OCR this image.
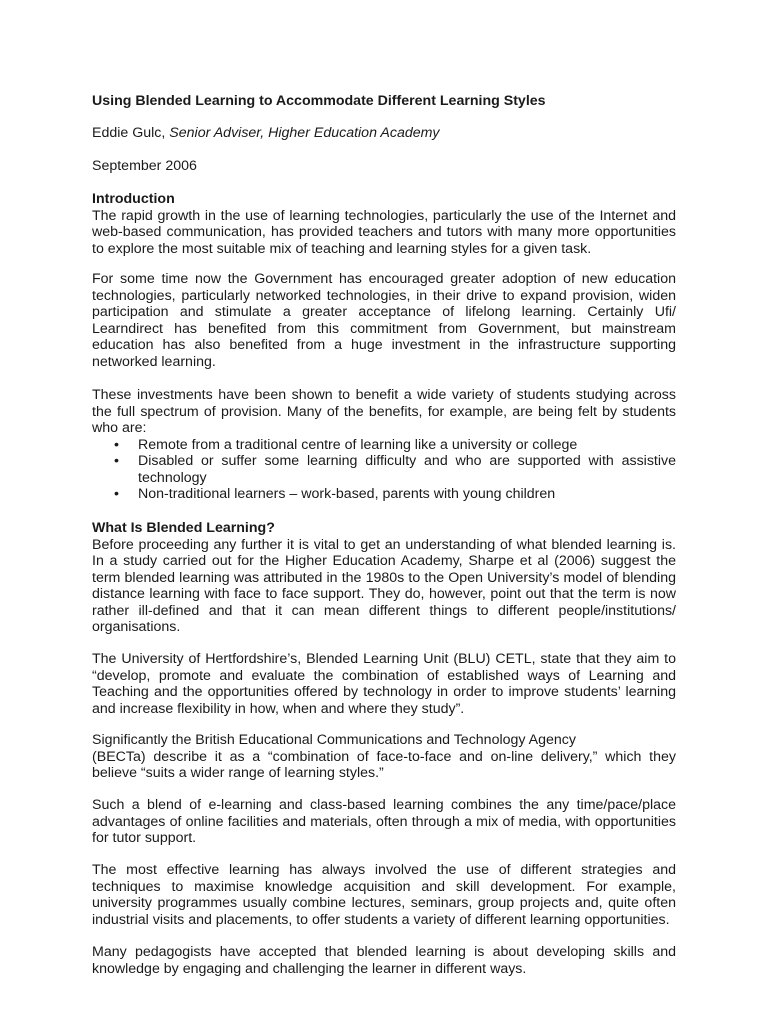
Using Blended Learning to Accommodate Different Learning Styles

Eddie Gulc, Senior Adviser, Higher Education Academy

September 2006

Introduction

The rapid growth in the use of learning technologies, particularly the use of the Internet and web-based communication, has provided teachers and tutors with many more opportunities to explore the most suitable mix of teaching and learning styles for a given task.

For some time now the Government has encouraged greater adoption of new education technologies, particularly networked technologies, in their drive to expand provision, widen participation and stimulate a greater acceptance of lifelong learning. Certainly Ufi/ Learndirect has benefited from this commitment from Government, but mainstream education has also benefited from a huge investment in the infrastructure supporting networked learning.

These investments have been shown to benefit a wide variety of students studying across the full spectrum of provision. Many of the benefits, for example, are being felt by students who are:

• Remote from a traditional centre of learning like a university or college
• Disabled or suffer some learning difficulty and who are supported with assistive technology
• Non-traditional learners – work-based, parents with young children

What Is Blended Learning?

Before proceeding any further it is vital to get an understanding of what blended learning is. In a study carried out for the Higher Education Academy, Sharpe et al (2006) suggest the term blended learning was attributed in the 1980s to the Open University’s model of blending distance learning with face to face support. They do, however, point out that the term is now rather ill-defined and that it can mean different things to different people/institutions/ organisations.

The University of Hertfordshire’s, Blended Learning Unit (BLU) CETL, state that they aim to “develop, promote and evaluate the combination of established ways of Learning and Teaching and the opportunities offered by technology in order to improve students’ learning and increase flexibility in how, when and where they study”.

Significantly the British Educational Communications and Technology Agency

(BECTa) describe it as a “combination of face-to-face and on-line delivery,” which they believe “suits a wider range of learning styles.”

Such a blend of e-learning and class-based learning combines the any time/pace/place advantages of online facilities and materials, often through a mix of media, with opportunities for tutor support.

The most effective learning has always involved the use of different strategies and techniques to maximise knowledge acquisition and skill development. For example, university programmes usually combine lectures, seminars, group projects and, quite often industrial visits and placements, to offer students a variety of different learning opportunities.

Many pedagogists have accepted that blended learning is about developing skills and knowledge by engaging and challenging the learner in different ways.
